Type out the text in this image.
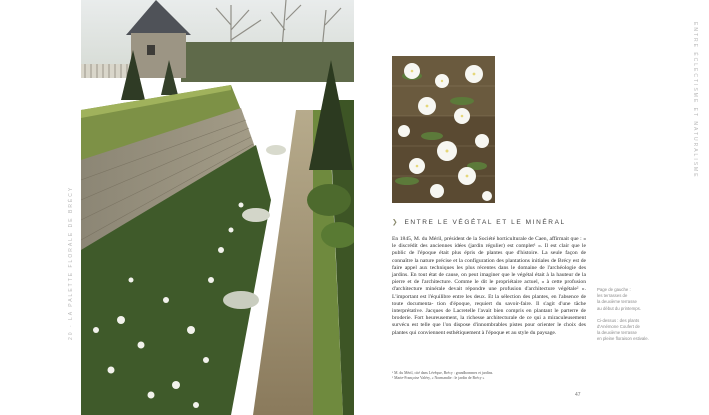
20 · LA PALETTE FLORALE DE BRÉCY
ENTRE ÉCLECTISME ET NATURALISME
❯ ENTRE LE VÉGÉTAL ET LE MINÉRAL
En 1845, M. du Méril, président de la Société horticulturale de Caen, affirmait que : « le discrédit des anciennes idées (jardin régulier) est complet¹ ». Il est clair que le public de l'époque était plus épris de plantes que d'histoire. La seule façon de connaître la nature précise et la configuration des plantations initiales de Brécy est de faire appel aux techniques les plus récentes dans le domaine de l'archéologie des jardins. En tout état de cause, on peut imaginer que le végétal était à la hauteur de la pierre et de l'architecture. Comme le dit le propriétaire actuel, « à cette profusion d'architecture minérale devait répondre une profusion d'architecture végétale² ». L'important est l'équilibre entre les deux. Et la sélection des plantes, en l'absence de toute documenta- tion d'époque, requiert du savoir-faire. Il s'agit d'une tâche interprétative. Jacques de Lacretelle l'avait bien compris en plantant le parterre de broderie. Fort heureusement, la richesse architecturale de ce qui a miraculeusement survécu est telle que l'on dispose d'innombrables pistes pour orienter le choix des plantes qui conviennent esthétiquement à l'époque et au style du paysage.

Page de gauche :
les terrasses de
la deuxième terrasse
au début du printemps.

Ci-dessus : des plants
d'Anémone Coufert de
la deuxième terrasse
en pleine floraison estivale.

¹ M. du Méril, cité dans Lévêque, Brécy : grandhommes et jardins.

² Marie-Françoise Valéry, « Normandie : le jardin de Brécy »

47
